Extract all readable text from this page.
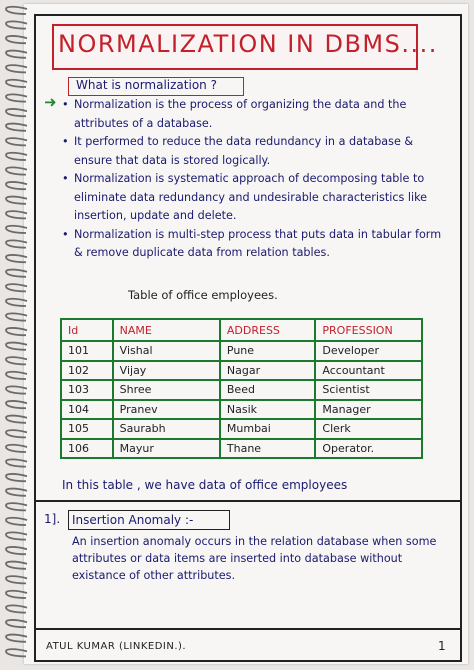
NORMALIZATION IN DBMS....
What is normalization ?
➜	• Normalization is the process of organizing the data and the attributes of a database.
• It performed to reduce the data redundancy in a database & ensure that data is stored logically.
• Normalization is systematic approach of decomposing table to eliminate data redundancy and undesirable characteristics like insertion, update and delete.
• Normalization is multi-step process that puts data in tabular form & remove duplicate data from relation tables.
Table of office employees.
Id	NAME	ADDRESS	PROFESSION
101	Vishal	Pune	Developer
102	Vijay	Nagar	Accountant
103	Shree	Beed	Scientist
104	Pranev	Nasik	Manager
105	Saurabh	Mumbai	Clerk
106	Mayur	Thane	Operator.
In this table , we have data of office employees
1]. Insertion Anomaly :-

An insertion anomaly occurs in the relation database when some attributes or data items are inserted into database without existance of other attributes.

ATUL KUMAR (LINKEDIN.).	1
